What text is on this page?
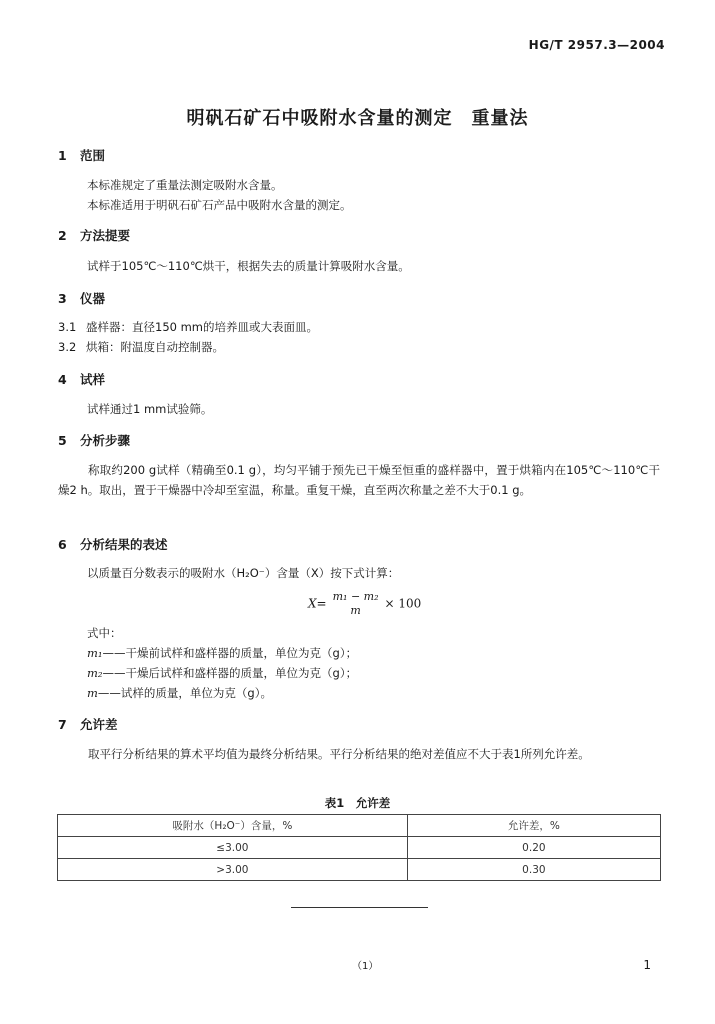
HG/T 2957.3—2004
明矾石矿石中吸附水含量的测定　重量法
1 范围
本标准规定了重量法测定吸附水含量。
本标准适用于明矾石矿石产品中吸附水含量的测定。
2 方法提要
试样于105℃～110℃烘干，根据失去的质量计算吸附水含量。
3 仪器
3.1 盛样器：直径150 mm的培养皿或大表面皿。
3.2 烘箱：附温度自动控制器。
4 试样
试样通过1 mm试验筛。
5 分析步骤
称取约200 g试样（精确至0.1 g），均匀平铺于预先已干燥至恒重的盛样器中，置于烘箱内在105℃～110℃干燥2 h。取出，置于干燥器中冷却至室温，称量。重复干燥，直至两次称量之差不大于0.1 g。
6 分析结果的表述
以质量百分数表示的吸附水（H₂O⁻）含量（X）按下式计算：
X= m₁ − m₂
m	× 100
式中：
m₁——干燥前试样和盛样器的质量，单位为克（g）；
m₂——干燥后试样和盛样器的质量，单位为克（g）；
m——试样的质量，单位为克（g）。
7 允许差
取平行分析结果的算术平均值为最终分析结果。平行分析结果的绝对差值应不大于表1所列允许差。
表1　允许差
吸附水（H₂O⁻）含量，%	允许差，%
≤3.00	0.20
>3.00	0.30
（1）	1
